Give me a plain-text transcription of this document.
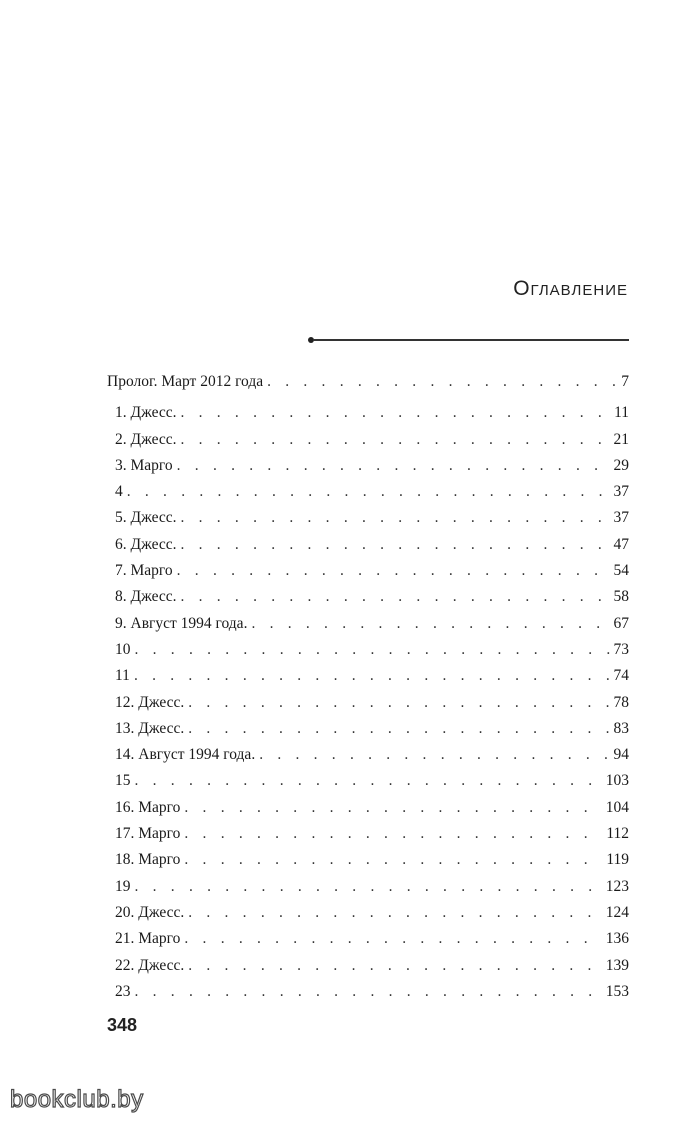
Оглавление
Пролог. Март 2012 года . . .	7
1. Джесс. . . .	11
2. Джесс. . . .	21
3. Марго . . .	29
4 . . .	37
5. Джесс. . . .	37
6. Джесс. . . .	47
7. Марго . . .	54
8. Джесс. . . .	58
9. Август 1994 года. . . .	67
10 . . .	73
11 . . .	74
12. Джесс. . . .	78
13. Джесс. . . .	83
14. Август 1994 года. . . .	94
15 . . .	103
16. Марго . . .	104
17. Марго . . .	112
18. Марго . . .	119
19 . . .	123
20. Джесс. . . .	124
21. Марго . . .	136
22. Джесс. . . .	139
23 . . .	153
348
bookclub.by
